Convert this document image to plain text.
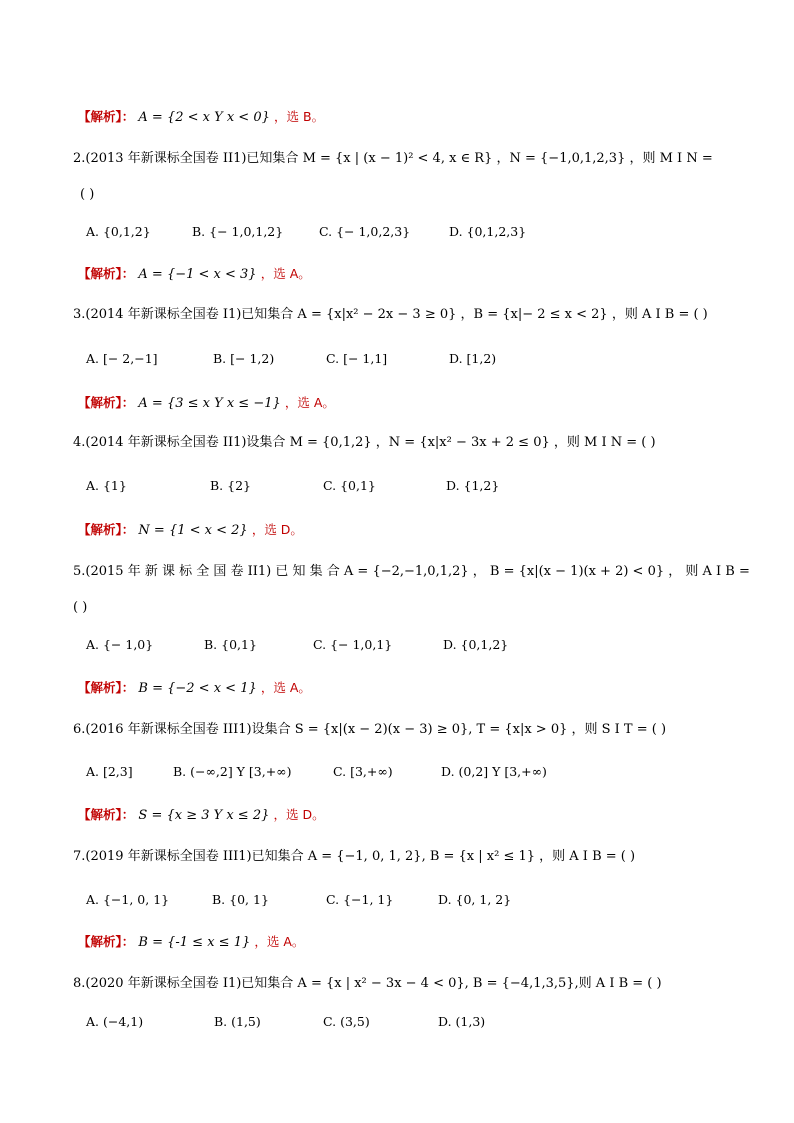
【解析】： A = {2 < x Y x < 0} ，选 B。
2.(2013 年新课标全国卷 II1)已知集合 M = {x | (x − 1)² < 4, x ∈ R} ，N = {−1,0,1,2,3} ，则 M I N =
( )
A. {0,1,2}	B. {− 1,0,1,2}	C. {− 1,0,2,3}	D. {0,1,2,3}
【解析】： A = {−1 < x < 3} ，选 A。
3.(2014 年新课标全国卷 I1)已知集合 A = {x|x² − 2x − 3 ≥ 0} ，B = {x|− 2 ≤ x < 2} ，则 A I B = ( )
A. [− 2,−1]	B. [− 1,2)	C. [− 1,1]	D. [1,2)
【解析】： A = {3 ≤ x Y x ≤ −1} ，选 A。
4.(2014 年新课标全国卷 II1)设集合 M = {0,1,2} ，N = {x|x² − 3x + 2 ≤ 0} ，则 M I N = ( )
A. {1}	B. {2}	C. {0,1}	D. {1,2}
【解析】： N = {1 < x < 2} ，选 D。
5.(2015 年 新 课 标 全 国 卷 II1) 已 知 集 合 A = {−2,−1,0,1,2} ， B = {x|(x − 1)(x + 2) < 0} ， 则 A I B =
( )
A. {− 1,0}	B. {0,1}	C. {− 1,0,1}	D. {0,1,2}
【解析】： B = {−2 < x < 1} ，选 A。
6.(2016 年新课标全国卷 III1)设集合 S = {x|(x − 2)(x − 3) ≥ 0}, T = {x|x > 0} ，则 S I T = ( )
A. [2,3]	B. (−∞,2] Y [3,+∞)	C. [3,+∞)	D. (0,2] Y [3,+∞)
【解析】： S = {x ≥ 3 Y x ≤ 2} ，选 D。
7.(2019 年新课标全国卷 III1)已知集合 A = {−1, 0, 1, 2}, B = {x | x² ≤ 1} ，则 A I B = ( )
A. {−1, 0, 1}	B. {0, 1}	C. {−1, 1}	D. {0, 1, 2}
【解析】： B = {-1 ≤ x ≤ 1} ，选 A。
8.(2020 年新课标全国卷 I1)已知集合 A = {x | x² − 3x − 4 < 0}, B = {−4,1,3,5},则 A I B = ( )
A. (−4,1)	B. (1,5)	C. (3,5)	D. (1,3)
